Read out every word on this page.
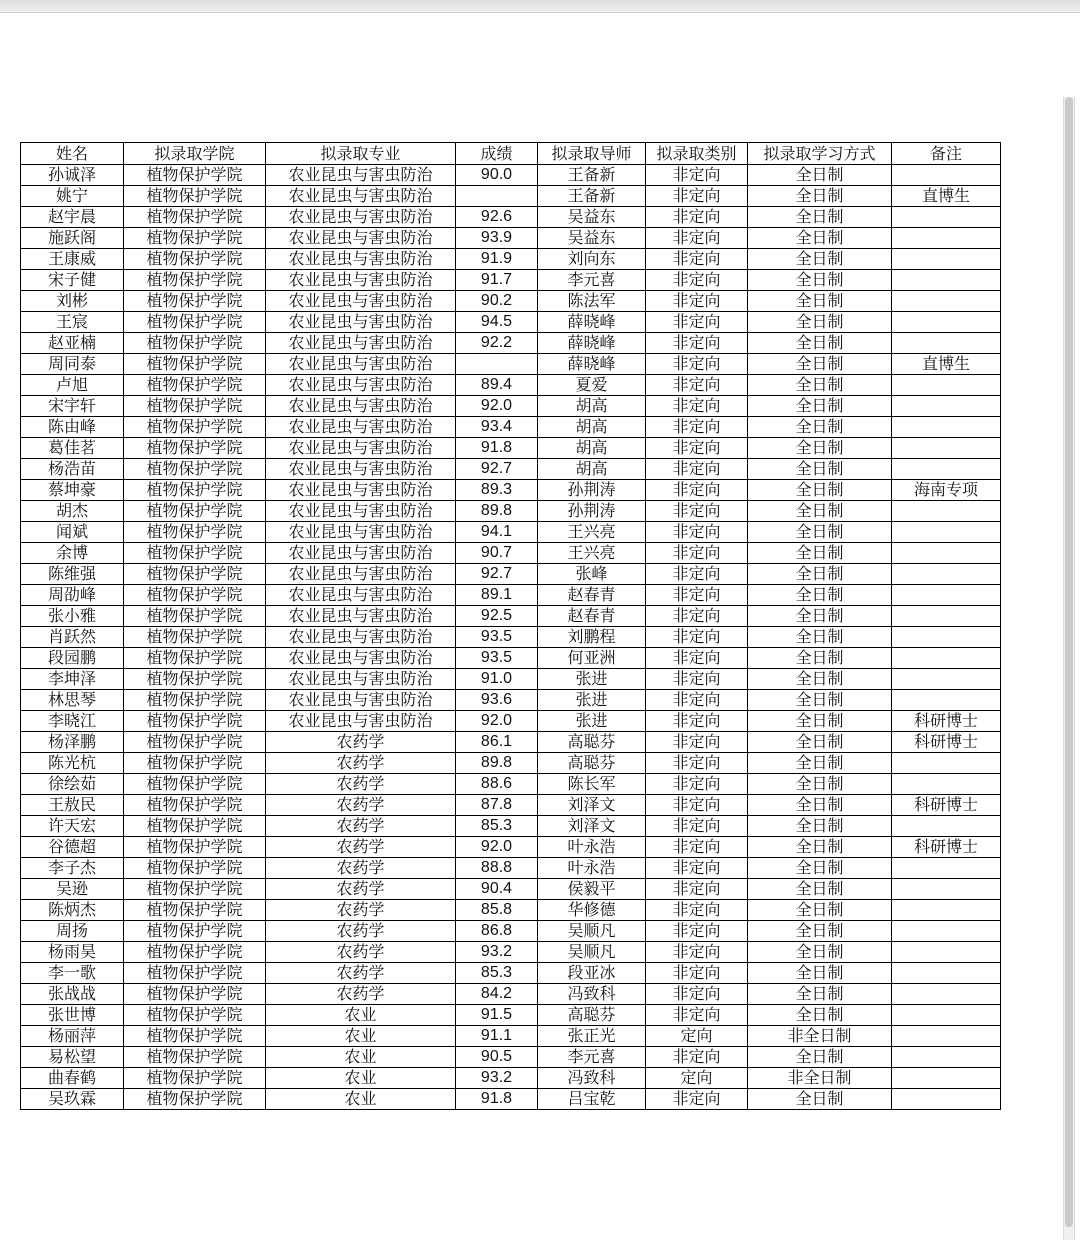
姓名	拟录取学院	拟录取专业	成绩	拟录取导师	拟录取类别	拟录取学习方式	备注
孙诚泽	植物保护学院	农业昆虫与害虫防治	90.0	王备新	非定向	全日制	
姚宁	植物保护学院	农业昆虫与害虫防治		王备新	非定向	全日制	直博生
赵宇晨	植物保护学院	农业昆虫与害虫防治	92.6	吴益东	非定向	全日制	
施跃阁	植物保护学院	农业昆虫与害虫防治	93.9	吴益东	非定向	全日制	
王康威	植物保护学院	农业昆虫与害虫防治	91.9	刘向东	非定向	全日制	
宋子健	植物保护学院	农业昆虫与害虫防治	91.7	李元喜	非定向	全日制	
刘彬	植物保护学院	农业昆虫与害虫防治	90.2	陈法军	非定向	全日制	
王宸	植物保护学院	农业昆虫与害虫防治	94.5	薛晓峰	非定向	全日制	
赵亚楠	植物保护学院	农业昆虫与害虫防治	92.2	薛晓峰	非定向	全日制	
周同泰	植物保护学院	农业昆虫与害虫防治		薛晓峰	非定向	全日制	直博生
卢旭	植物保护学院	农业昆虫与害虫防治	89.4	夏爱	非定向	全日制	
宋宇轩	植物保护学院	农业昆虫与害虫防治	92.0	胡高	非定向	全日制	
陈由峰	植物保护学院	农业昆虫与害虫防治	93.4	胡高	非定向	全日制	
葛佳茗	植物保护学院	农业昆虫与害虫防治	91.8	胡高	非定向	全日制	
杨浩苗	植物保护学院	农业昆虫与害虫防治	92.7	胡高	非定向	全日制	
蔡坤豪	植物保护学院	农业昆虫与害虫防治	89.3	孙荆涛	非定向	全日制	海南专项
胡杰	植物保护学院	农业昆虫与害虫防治	89.8	孙荆涛	非定向	全日制	
闻斌	植物保护学院	农业昆虫与害虫防治	94.1	王兴亮	非定向	全日制	
余博	植物保护学院	农业昆虫与害虫防治	90.7	王兴亮	非定向	全日制	
陈维强	植物保护学院	农业昆虫与害虫防治	92.7	张峰	非定向	全日制	
周劭峰	植物保护学院	农业昆虫与害虫防治	89.1	赵春青	非定向	全日制	
张小雅	植物保护学院	农业昆虫与害虫防治	92.5	赵春青	非定向	全日制	
肖跃然	植物保护学院	农业昆虫与害虫防治	93.5	刘鹏程	非定向	全日制	
段园鹏	植物保护学院	农业昆虫与害虫防治	93.5	何亚洲	非定向	全日制	
李坤泽	植物保护学院	农业昆虫与害虫防治	91.0	张进	非定向	全日制	
林思琴	植物保护学院	农业昆虫与害虫防治	93.6	张进	非定向	全日制	
李晓江	植物保护学院	农业昆虫与害虫防治	92.0	张进	非定向	全日制	科研博士
杨泽鹏	植物保护学院	农药学	86.1	高聪芬	非定向	全日制	科研博士
陈光杭	植物保护学院	农药学	89.8	高聪芬	非定向	全日制	
徐绘茹	植物保护学院	农药学	88.6	陈长军	非定向	全日制	
王敖民	植物保护学院	农药学	87.8	刘泽文	非定向	全日制	科研博士
许天宏	植物保护学院	农药学	85.3	刘泽文	非定向	全日制	
谷德超	植物保护学院	农药学	92.0	叶永浩	非定向	全日制	科研博士
李子杰	植物保护学院	农药学	88.8	叶永浩	非定向	全日制	
吴逊	植物保护学院	农药学	90.4	侯毅平	非定向	全日制	
陈炳杰	植物保护学院	农药学	85.8	华修德	非定向	全日制	
周扬	植物保护学院	农药学	86.8	吴顺凡	非定向	全日制	
杨雨昊	植物保护学院	农药学	93.2	吴顺凡	非定向	全日制	
李一歌	植物保护学院	农药学	85.3	段亚冰	非定向	全日制	
张战战	植物保护学院	农药学	84.2	冯致科	非定向	全日制	
张世博	植物保护学院	农业	91.5	高聪芬	非定向	全日制	
杨丽萍	植物保护学院	农业	91.1	张正光	定向	非全日制	
易松望	植物保护学院	农业	90.5	李元喜	非定向	全日制	
曲春鹤	植物保护学院	农业	93.2	冯致科	定向	非全日制	
吴玖霖	植物保护学院	农业	91.8	吕宝乾	非定向	全日制	
